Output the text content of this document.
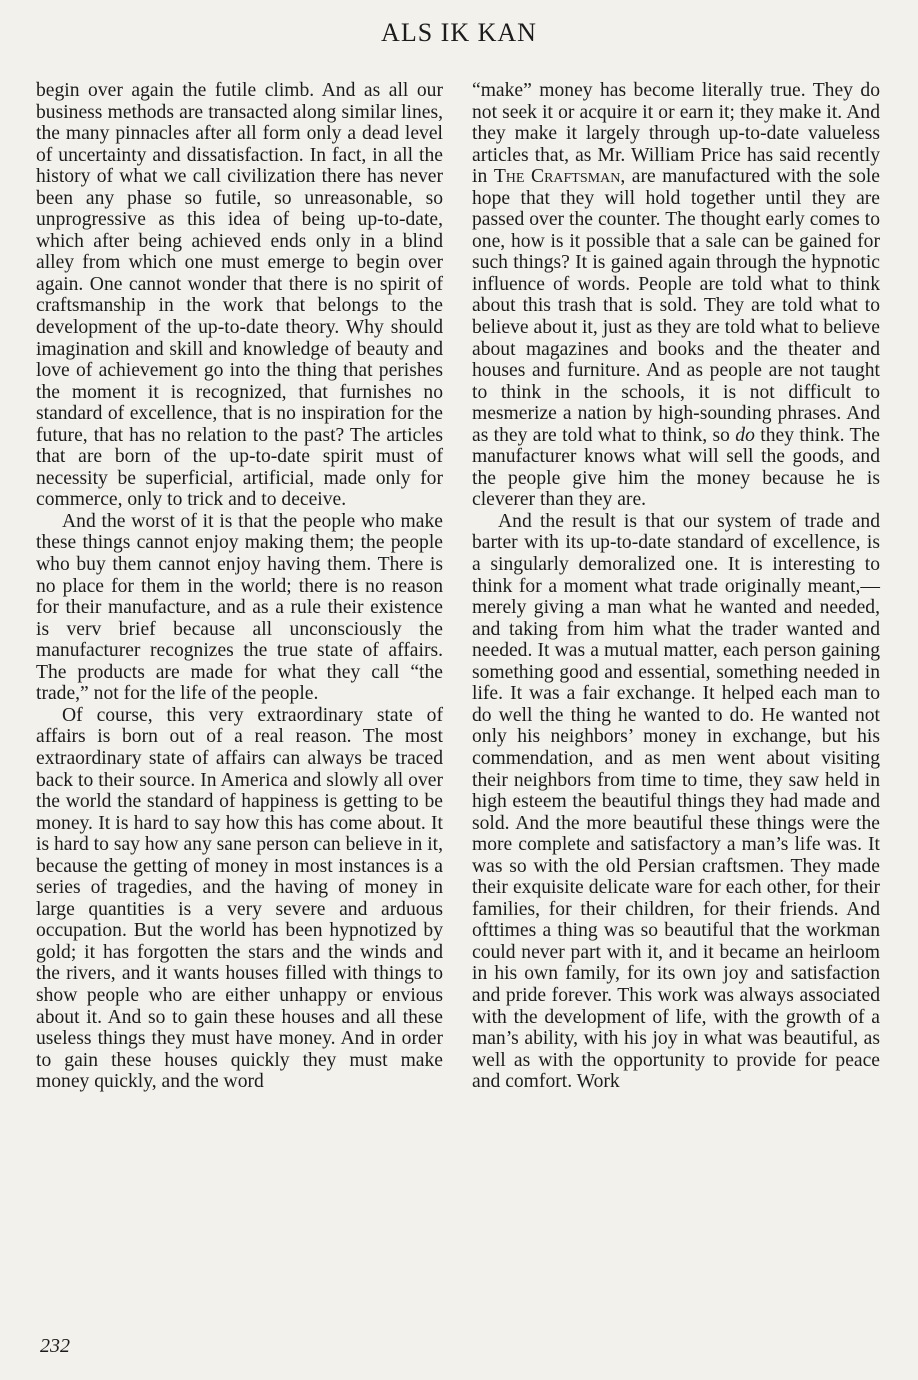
ALS IK KAN

begin over again the futile climb. And as all our business methods are transacted along similar lines, the many pinnacles after all form only a dead level of uncertainty and dissatisfaction. In fact, in all the history of what we call civilization there has never been any phase so futile, so unreasonable, so unprogressive as this idea of being up-to-date, which after being achieved ends only in a blind alley from which one must emerge to begin over again. One cannot wonder that there is no spirit of craftsmanship in the work that belongs to the development of the up-to-date theory. Why should imagination and skill and knowledge of beauty and love of achievement go into the thing that perishes the moment it is recognized, that furnishes no standard of excellence, that is no inspiration for the future, that has no relation to the past? The articles that are born of the up-to-date spirit must of necessity be superficial, artificial, made only for commerce, only to trick and to deceive.

And the worst of it is that the people who make these things cannot enjoy making them; the people who buy them cannot enjoy having them. There is no place for them in the world; there is no reason for their manufacture, and as a rule their existence is verv brief because all unconsciously the manufacturer recognizes the true state of affairs. The products are made for what they call “the trade,” not for the life of the people.

Of course, this very extraordinary state of affairs is born out of a real reason. The most extraordinary state of affairs can always be traced back to their source. In America and slowly all over the world the standard of happiness is getting to be money. It is hard to say how this has come about. It is hard to say how any sane person can believe in it, because the getting of money in most instances is a series of tragedies, and the having of money in large quantities is a very severe and arduous occupation. But the world has been hypnotized by gold; it has forgotten the stars and the winds and the rivers, and it wants houses filled with things to show people who are either unhappy or envious about it. And so to gain these houses and all these useless things they must have money. And in order to gain these houses quickly they must make money quickly, and the word

“make” money has become literally true. They do not seek it or acquire it or earn it; they make it. And they make it largely through up-to-date valueless articles that, as Mr. William Price has said recently in The Craftsman, are manufactured with the sole hope that they will hold together until they are passed over the counter. The thought early comes to one, how is it possible that a sale can be gained for such things? It is gained again through the hypnotic influence of words. People are told what to think about this trash that is sold. They are told what to believe about it, just as they are told what to believe about magazines and books and the theater and houses and furniture. And as people are not taught to think in the schools, it is not difficult to mesmerize a nation by high-sounding phrases. And as they are told what to think, so do they think. The manufacturer knows what will sell the goods, and the people give him the money because he is cleverer than they are.

And the result is that our system of trade and barter with its up-to-date standard of excellence, is a singularly demoralized one. It is interesting to think for a moment what trade originally meant,—merely giving a man what he wanted and needed, and taking from him what the trader wanted and needed. It was a mutual matter, each person gaining something good and essential, something needed in life. It was a fair exchange. It helped each man to do well the thing he wanted to do. He wanted not only his neighbors’ money in exchange, but his commendation, and as men went about visiting their neighbors from time to time, they saw held in high esteem the beautiful things they had made and sold. And the more beautiful these things were the more complete and satisfactory a man’s life was. It was so with the old Persian craftsmen. They made their exquisite delicate ware for each other, for their families, for their children, for their friends. And ofttimes a thing was so beautiful that the workman could never part with it, and it became an heirloom in his own family, for its own joy and satisfaction and pride forever. This work was always associated with the development of life, with the growth of a man’s ability, with his joy in what was beautiful, as well as with the opportunity to provide for peace and comfort. Work

232
